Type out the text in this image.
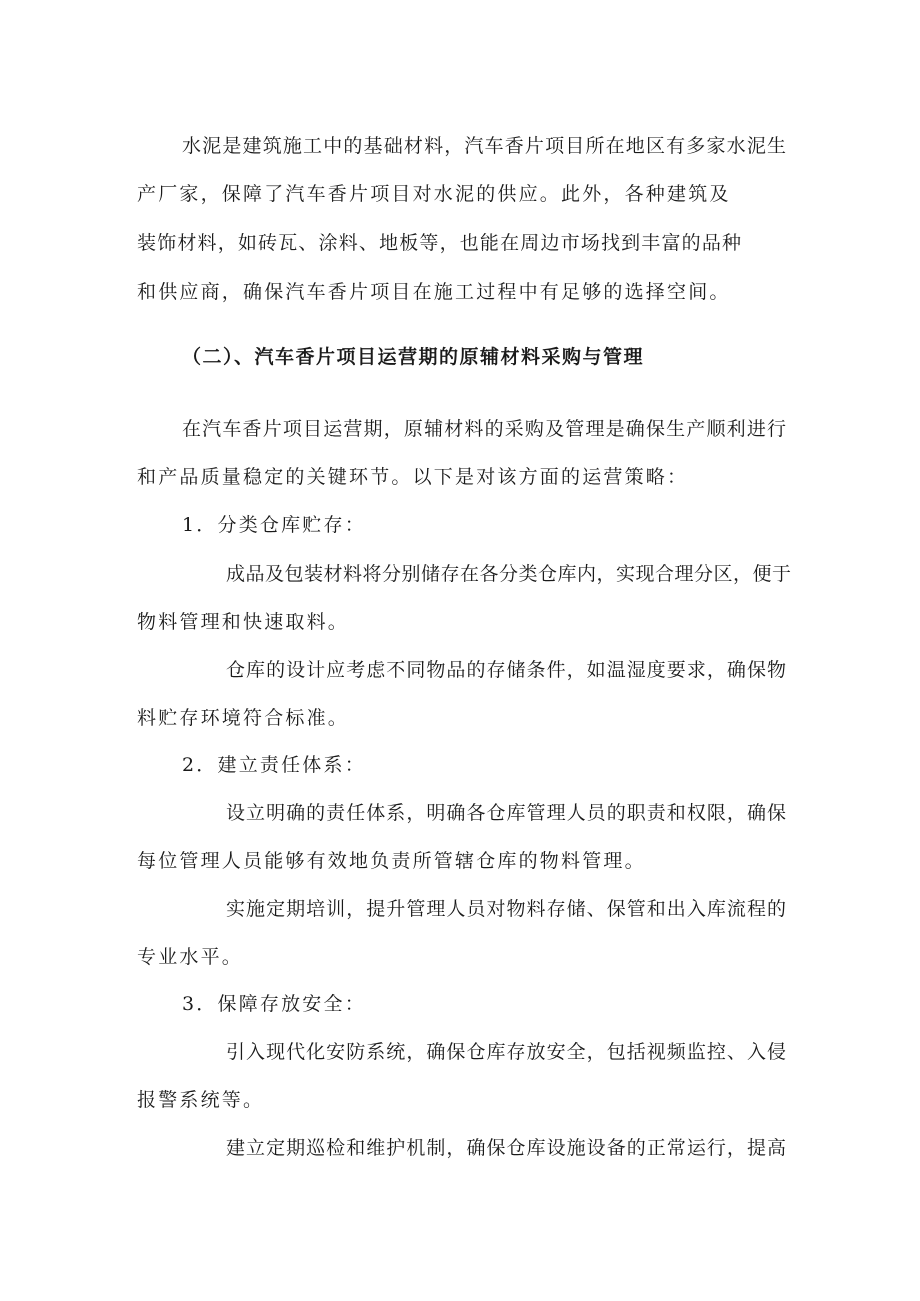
水泥是建筑施工中的基础材料，汽车香片项目所在地区有多家水泥生
产厂家，保障了汽车香片项目对水泥的供应。此外，各种建筑及
装饰材料，如砖瓦、涂料、地板等，也能在周边市场找到丰富的品种
和供应商，确保汽车香片项目在施工过程中有足够的选择空间。
（二）、汽车香片项目运营期的原辅材料采购与管理
在汽车香片项目运营期，原辅材料的采购及管理是确保生产顺利进行
和产品质量稳定的关键环节。以下是对该方面的运营策略：
1．分类仓库贮存：
成品及包装材料将分别储存在各分类仓库内，实现合理分区，便于
物料管理和快速取料。
仓库的设计应考虑不同物品的存储条件，如温湿度要求，确保物
料贮存环境符合标准。
2．建立责任体系：
设立明确的责任体系，明确各仓库管理人员的职责和权限，确保
每位管理人员能够有效地负责所管辖仓库的物料管理。
实施定期培训，提升管理人员对物料存储、保管和出入库流程的
专业水平。
3．保障存放安全：
引入现代化安防系统，确保仓库存放安全，包括视频监控、入侵
报警系统等。
建立定期巡检和维护机制，确保仓库设施设备的正常运行，提高
